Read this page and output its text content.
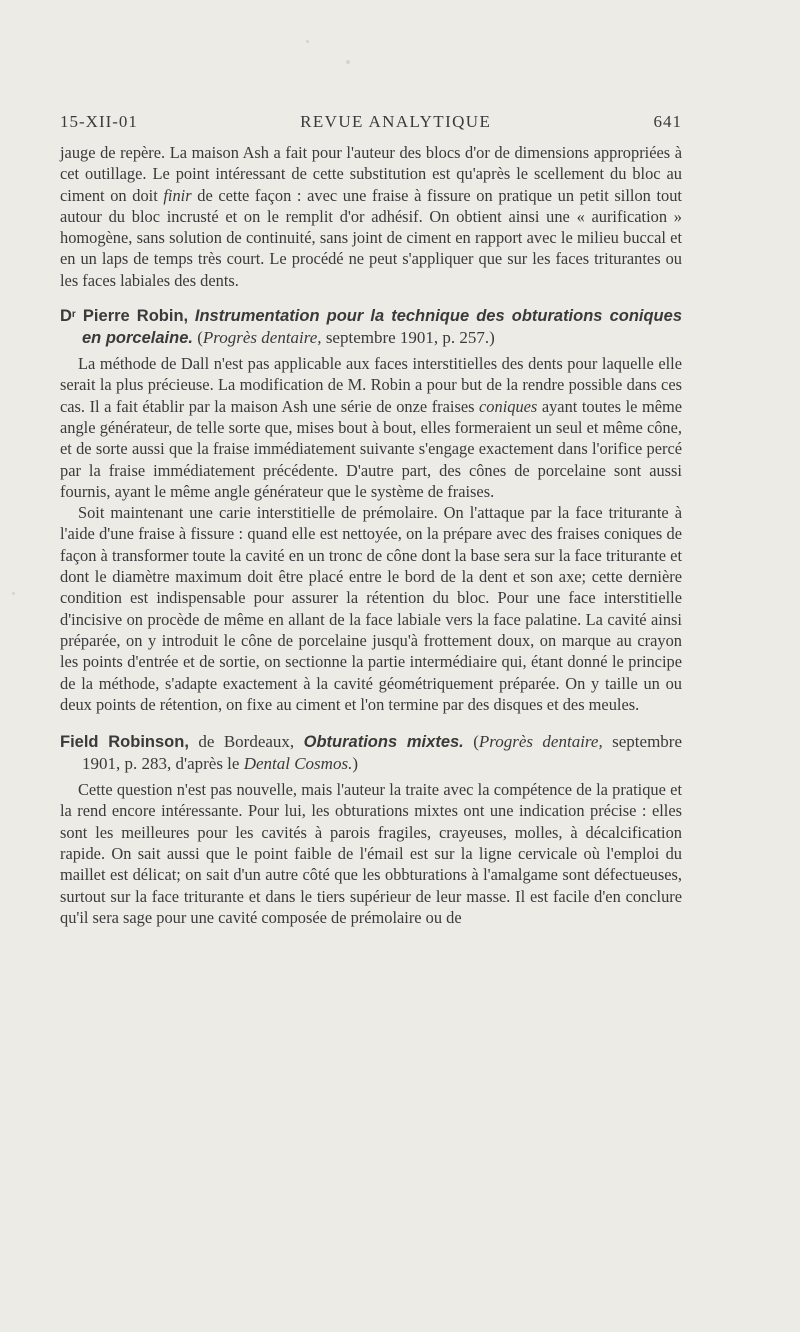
15-XII-01	REVUE ANALYTIQUE	641

jauge de repère. La maison Ash a fait pour l'auteur des blocs d'or de dimensions appropriées à cet outillage. Le point intéressant de cette substitution est qu'après le scellement du bloc au ciment on doit finir de cette façon : avec une fraise à fissure on pratique un petit sillon tout autour du bloc incrusté et on le remplit d'or adhésif. On obtient ainsi une « aurification » homogène, sans solution de continuité, sans joint de ciment en rapport avec le milieu buccal et en un laps de temps très court. Le procédé ne peut s'appliquer que sur les faces triturantes ou les faces labiales des dents.

$D^r$ Pierre Robin, Instrumentation pour la technique des obturations coniques en porcelaine. (Progrès dentaire, septembre 1901, p. 257.)

La méthode de Dall n'est pas applicable aux faces interstitielles des dents pour laquelle elle serait la plus précieuse. La modification de M. Robin a pour but de la rendre possible dans ces cas. Il a fait établir par la maison Ash une série de onze fraises coniques ayant toutes le même angle générateur, de telle sorte que, mises bout à bout, elles formeraient un seul et même cône, et de sorte aussi que la fraise immédiatement suivante s'engage exactement dans l'orifice percé par la fraise immédiatement précédente. D'autre part, des cônes de porcelaine sont aussi fournis, ayant le même angle générateur que le système de fraises.

Soit maintenant une carie interstitielle de prémolaire. On l'attaque par la face triturante à l'aide d'une fraise à fissure : quand elle est nettoyée, on la prépare avec des fraises coniques de façon à transformer toute la cavité en un tronc de cône dont la base sera sur la face triturante et dont le diamètre maximum doit être placé entre le bord de la dent et son axe; cette dernière condition est indispensable pour assurer la rétention du bloc. Pour une face interstitielle d'incisive on procède de même en allant de la face labiale vers la face palatine. La cavité ainsi préparée, on y introduit le cône de porcelaine jusqu'à frottement doux, on marque au crayon les points d'entrée et de sortie, on sectionne la partie intermédiaire qui, étant donné le principe de la méthode, s'adapte exactement à la cavité géométriquement préparée. On y taille un ou deux points de rétention, on fixe au ciment et l'on termine par des disques et des meules.

Field Robinson, de Bordeaux, Obturations mixtes. (Progrès dentaire, septembre 1901, p. 283, d'après le Dental Cosmos.)

Cette question n'est pas nouvelle, mais l'auteur la traite avec la compétence de la pratique et la rend encore intéressante. Pour lui, les obturations mixtes ont une indication précise : elles sont les meilleures pour les cavités à parois fragiles, crayeuses, molles, à décalcification rapide. On sait aussi que le point faible de l'émail est sur la ligne cervicale où l'emploi du maillet est délicat; on sait d'un autre côté que les obbturations à l'amalgame sont défectueuses, surtout sur la face triturante et dans le tiers supérieur de leur masse. Il est facile d'en conclure qu'il sera sage pour une cavité composée de prémolaire ou de
